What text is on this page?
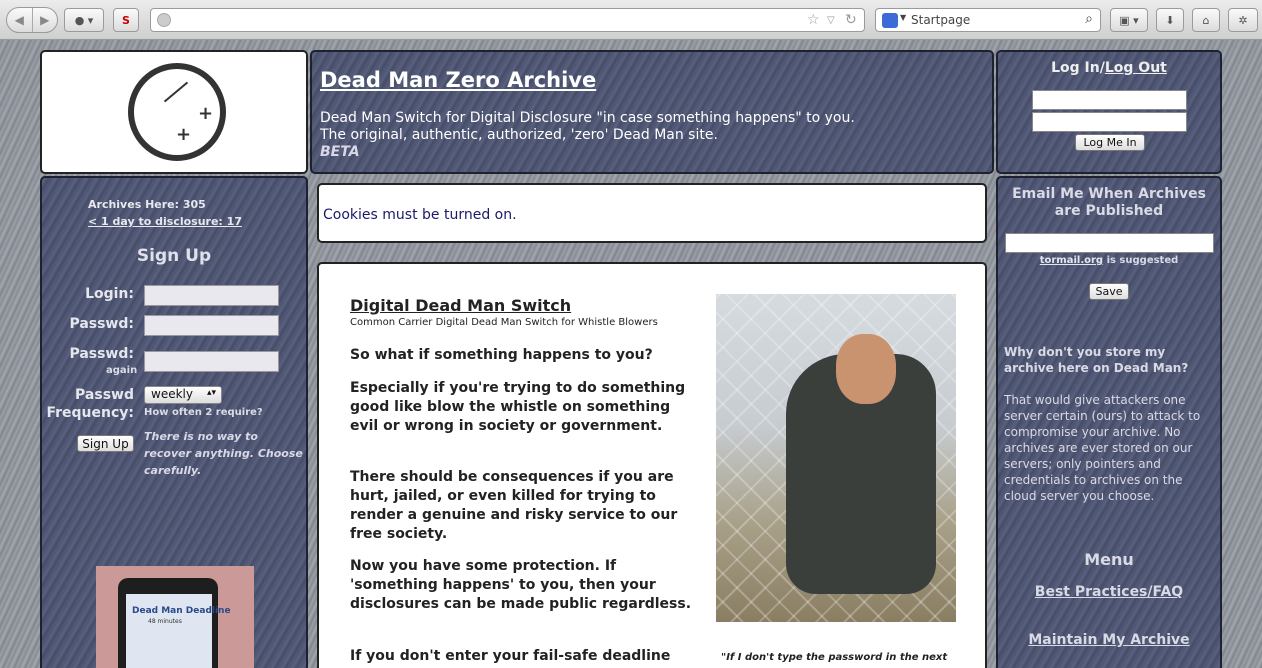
◀	▶	● ▾	S	☆ ▽ ↻	▼ Startpage	⌕ ▣ ▾ ⬇	⌂	✲
+
+
Dead Man Zero Archive
Dead Man Switch for Digital Disclosure "in case something happens" to you.
The original, authentic, authorized, 'zero' Dead Man site.
BETA
Log In/Log Out
Log Me In
Cookies must be turned on.
Archives Here: 305
< 1 day to disclosure: 17
Sign Up
Login:
Passwd:
Passwd:
again
Passwd
Frequency:
weekly ▴▾
How often 2 require?
Sign Up	There is no way to recover anything. Choose carefully.
Dead Man Deadline
48 minutes
Digital Dead Man Switch
Common Carrier Digital Dead Man Switch for Whistle Blowers
So what if something happens to you?
Especially if you're trying to do something good like blow the whistle on something evil or wrong in society or government.
There should be consequences if you are hurt, jailed, or even killed for trying to render a genuine and risky service to our free society.
Now you have some protection. If 'something happens' to you, then your disclosures can be made public regardless.
If you don't enter your fail-safe deadline	"If I don't type the password in the next
Email Me When Archives are Published
tormail.org is suggested
Save
Why don't you store my archive here on Dead Man?
That would give attackers one server certain (ours) to attack to compromise your archive. No archives are ever stored on our servers; only pointers and credentials to archives on the cloud server you choose.
Menu
Best Practices/FAQ
Maintain My Archive
